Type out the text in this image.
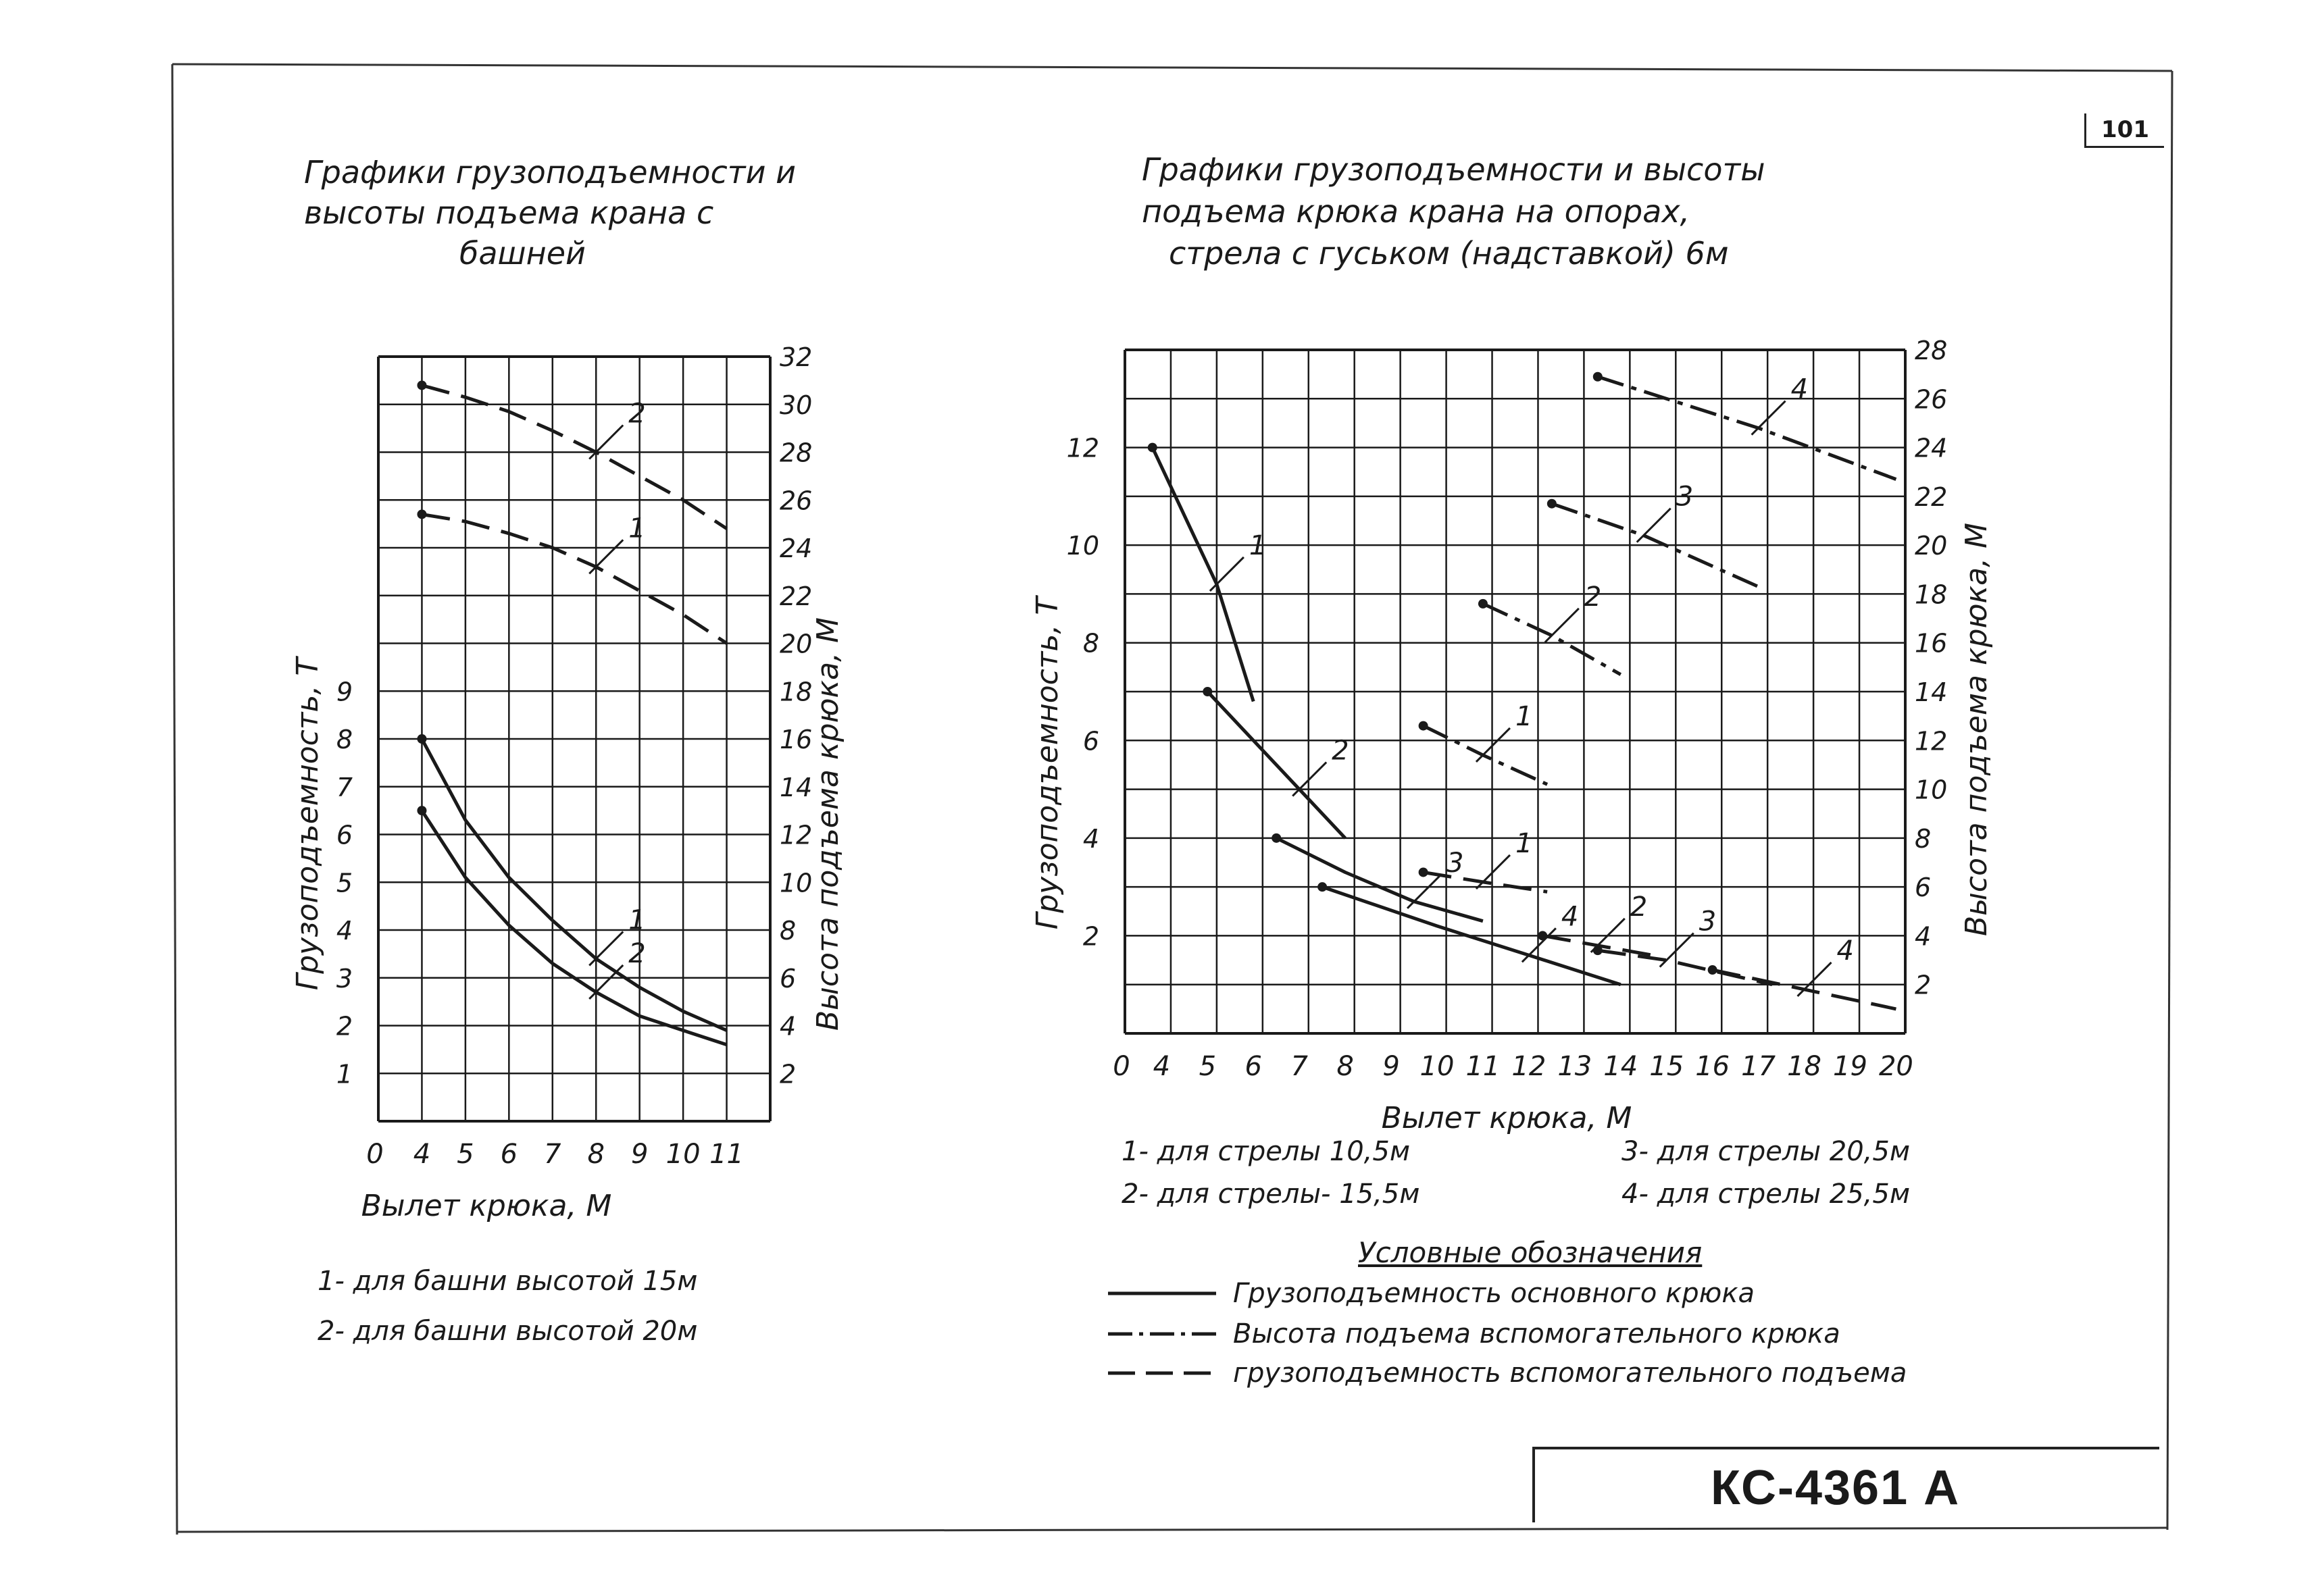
101
Графики грузоподъемности и
высоты подъема крана с
башней
Графики грузоподъемности и высоты
подъема крюка крана на опорах,
стрела с гуськом (надставкой) 6м
0 4 5 6 7 8 9 10 11
1
2
3
4
5
6
7
8
9
2
4
6
8
10
12
14
16
18
20
22
24
26
28
30
32
Вылет крюка, М
Грузоподъемность, Т	Высота подъема крюка, М
1
2
1
2
0 4 5 6 7 8 9 10 11 12 13 14 15 16 17 18 19 20
2
4
6
8
10
12
2
4
6
8
10
12
14
16
18
20
22
24
26
28
Вылет крюка, М
Грузоподъемность, Т	Высота подъема крюка, М
1
2
3
4
1
2
3
4
1
2 3
4
1- для башни высотой 15м
2- для башни высотой 20м
1- для стрелы 10,5м
2- для стрелы- 15,5м
3- для стрелы 20,5м
4- для стрелы 25,5м
Условные обозначения
Грузоподъемность основного крюка
Высота подъема вспомогательного крюка
грузоподъемность вспомогательного подъема
КС-4361 А
